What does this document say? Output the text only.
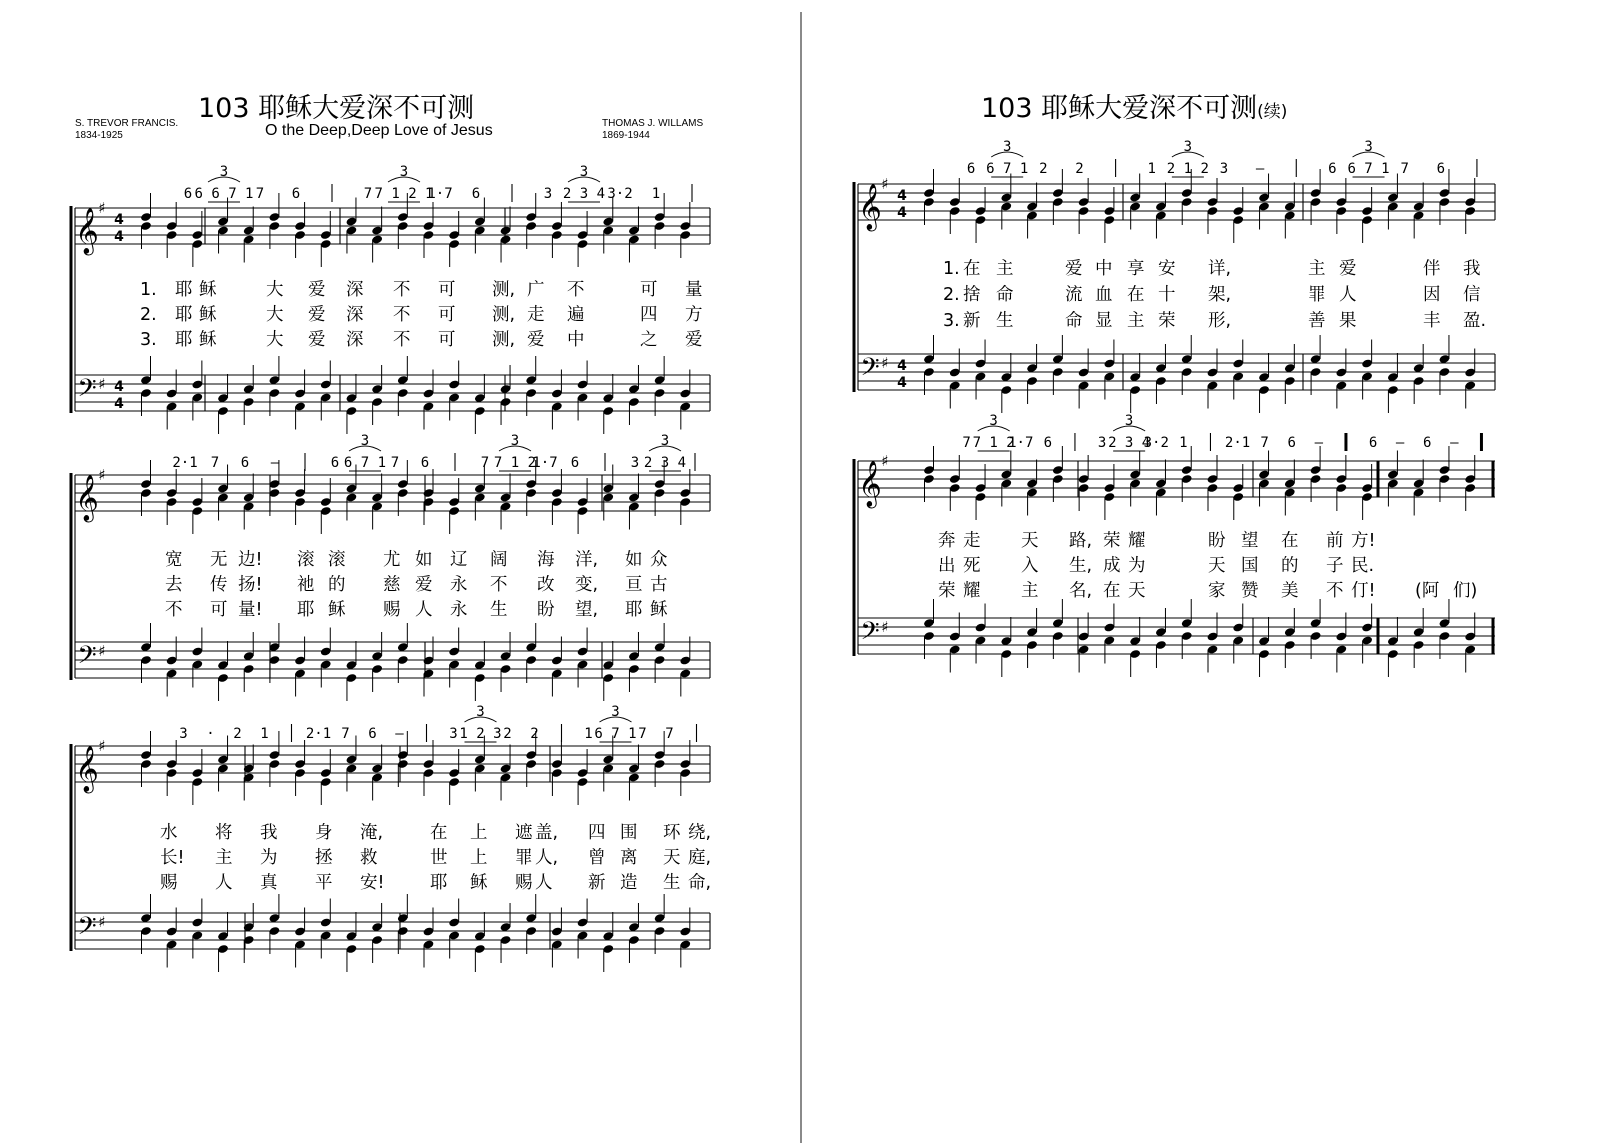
103 耶稣大爱深不可测
S. TREVOR FRANCIS.
1834-1925	O the Deep,Deep Love of Jesus	THOMAS J. WILLAMS
1869-1944
6 6 6 7 1
3
7 6	7 7 1 2 1
3
1·7 6	3 2 3 4
3
3·2 1
𝄞
𝄢
♯
♯
4
4
4
4
1. 耶 稣	大 爱 深 不 可 测, 广 不	可 量
2. 耶 稣	大 爱 深 不 可 测, 走 遍	四 方
3. 耶 稣	大 爱 深 不 可 测, 爱 中	之 爱
2·1 7 6 —	6 6 7 1
3
7 6	7 7 1 2
3
1·7 6	3 2 3 4
3
𝄞
𝄢
♯
♯
宽 无 边! 滚 滚 尤 如 辽 阔 海 洋, 如 众
去 传 扬! 祂 的 慈 爱 永 不 改 变, 亘 古
不 可 量! 耶 稣 赐 人 永 生 盼 望, 耶 稣
3 · 2 1	2·1 7 6 —	3 1 2 3
3
2 2	1 6 7 1
3
7 7
𝄞
𝄢
♯
♯
水 将 我 身 淹,	在 上 遮 盖, 四 围 环 绕,
长! 主 为 拯 救	世 上 罪 人, 曾 离 天 庭,
赐 人 真 平 安!	耶 稣 赐 人 新 造 生 命,
103 耶稣大爱深不可测(续)
6 6 7 1
3
2 2	1 2 1 2
3
3 —	6 6 7 1
3
7 6
𝄞
𝄢
♯
♯
4
4
4
4
1. 在 主	爱 中 享 安 详,	主 爱	伴 我
2. 捨 命	流 血 在 十 架,	罪 人	因 信
3. 新 生	命 显 主 荣 形,	善 果	丰 盈.
7 7 1 2
3
1·7 6	3 2 3 4
3
3·2 1	2·1 7 6 —	6 — 6 —
𝄞
𝄢
♯
♯
奔 走 天 路, 荣 耀	盼 望 在 前 方!
出 死 入 生, 成 为	天 国 的 子 民.
荣 耀 主 名, 在 天	家 赞 美 不 仃! (阿 们)
